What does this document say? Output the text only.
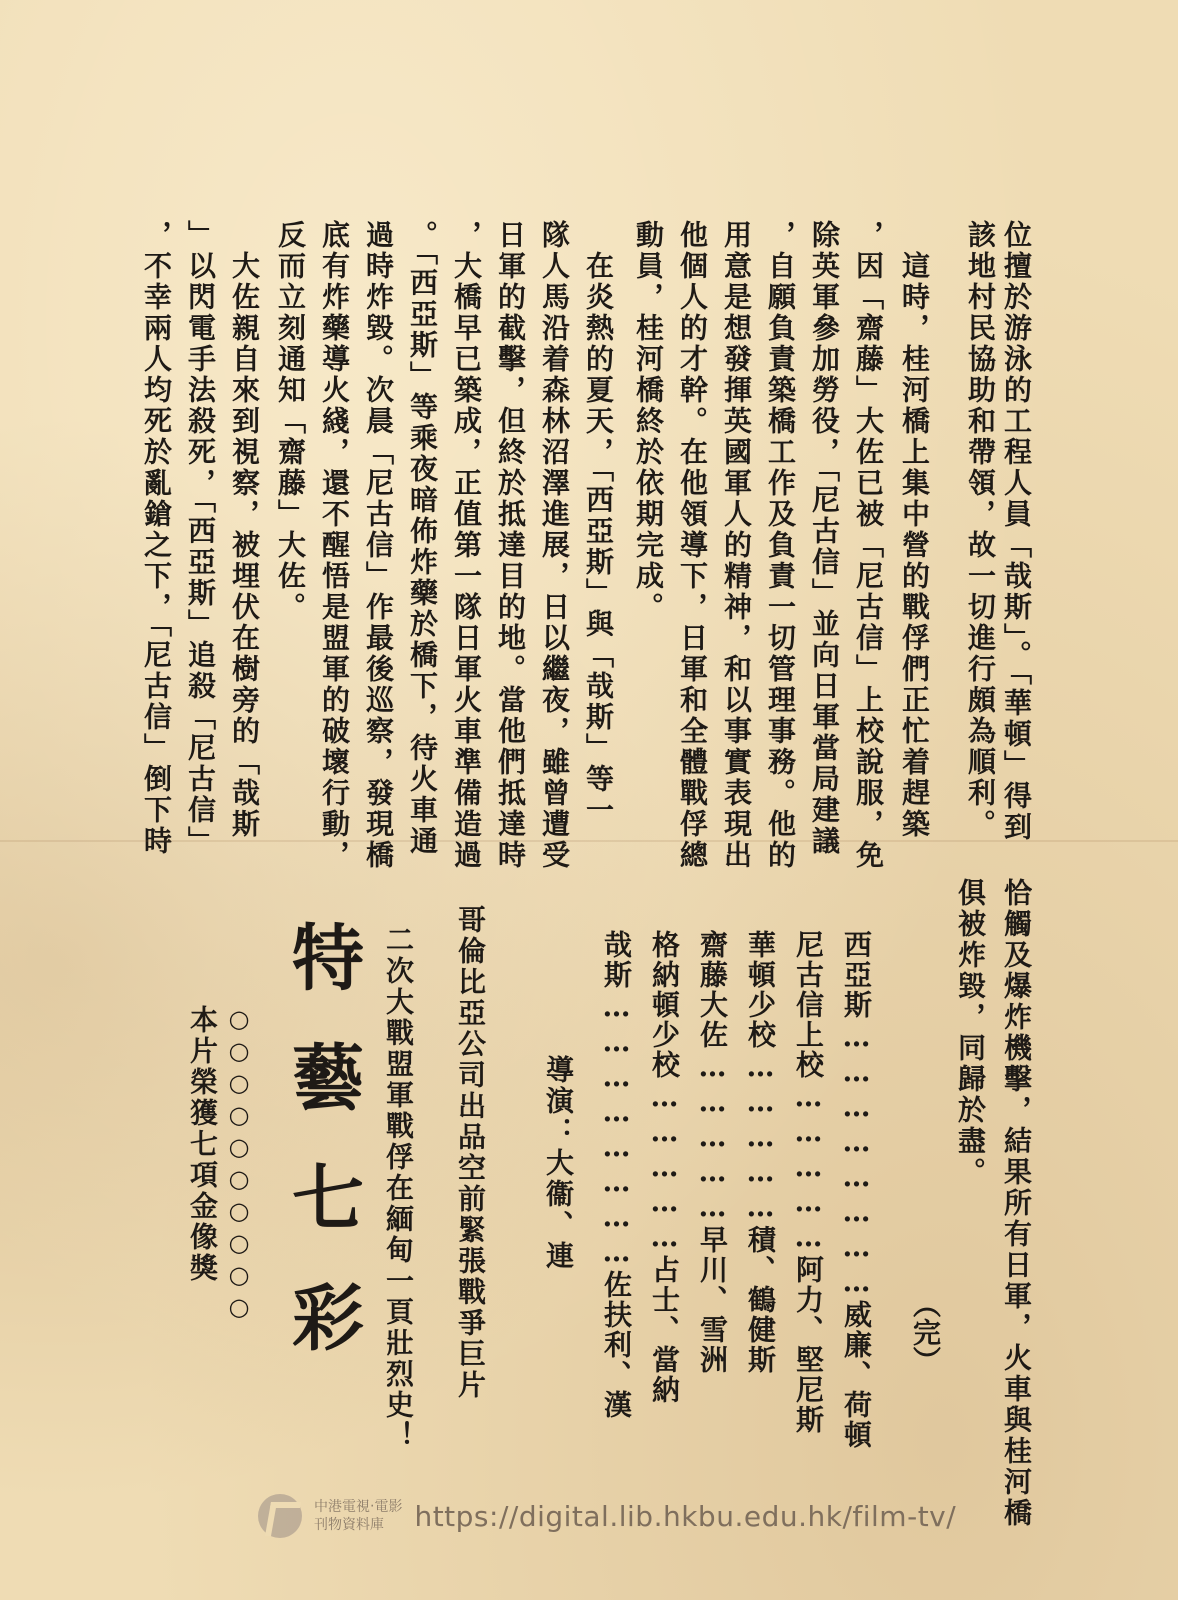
該地村民協助和帶領，故一切進行頗為順利。 位擅於游泳的工程人員「哉斯」。「華頓」得到
　這時，桂河橋上集中營的戰俘們正忙着趕築
，因「齋藤」大佐已被「尼古信」上校說服，免
除英軍參加勞役，「尼古信」並向日軍當局建議
，自願負責築橋工作及負責一切管理事務。他的
用意是想發揮英國軍人的精神，和以事實表現出
他個人的才幹。在他領導下，日軍和全體戰俘總
動員，桂河橋終於依期完成。
　在炎熱的夏天，「西亞斯」與「哉斯」等一
隊人馬沿着森林沼澤進展，日以繼夜，雖曾遭受
日軍的截擊，但終於抵達目的地。當他們抵達時
，大橋早已築成，正值第一隊日軍火車準備造過
。「西亞斯」等乘夜暗佈炸藥於橋下，待火車通
過時炸毀。次晨「尼古信」作最後巡察，發現橋
底有炸藥導火綫，還不醒悟是盟軍的破壞行動，
反而立刻通知「齋藤」大佐。
　大佐親自來到視察，被埋伏在樹旁的「哉斯
」以閃電手法殺死，「西亞斯」追殺「尼古信」
，不幸兩人均死於亂鎗之下，「尼古信」倒下時
恰觸及爆炸機擊，結果所有日軍，火車與桂河橋
俱被炸毀，同歸於盡。
（完）
西亞斯……………………威廉、荷頓
尼古信上校……………阿力、堅尼斯
華頓少校……………積、鶴健斯
齋藤大佐……………早川、雪洲
格納頓少校……………占士、當納
哉斯……………………佐扶利、漢
導演：大衞、連
哥倫比亞公司出品空前緊張戰爭巨片
二次大戰盟軍戰俘在緬甸一頁壯烈史！
特藝七彩
○○○○○○○○○○
本片榮獲七項金像獎
中港電視‧電影
刊物資料庫	https://digital.lib.hkbu.edu.hk/film-tv/
